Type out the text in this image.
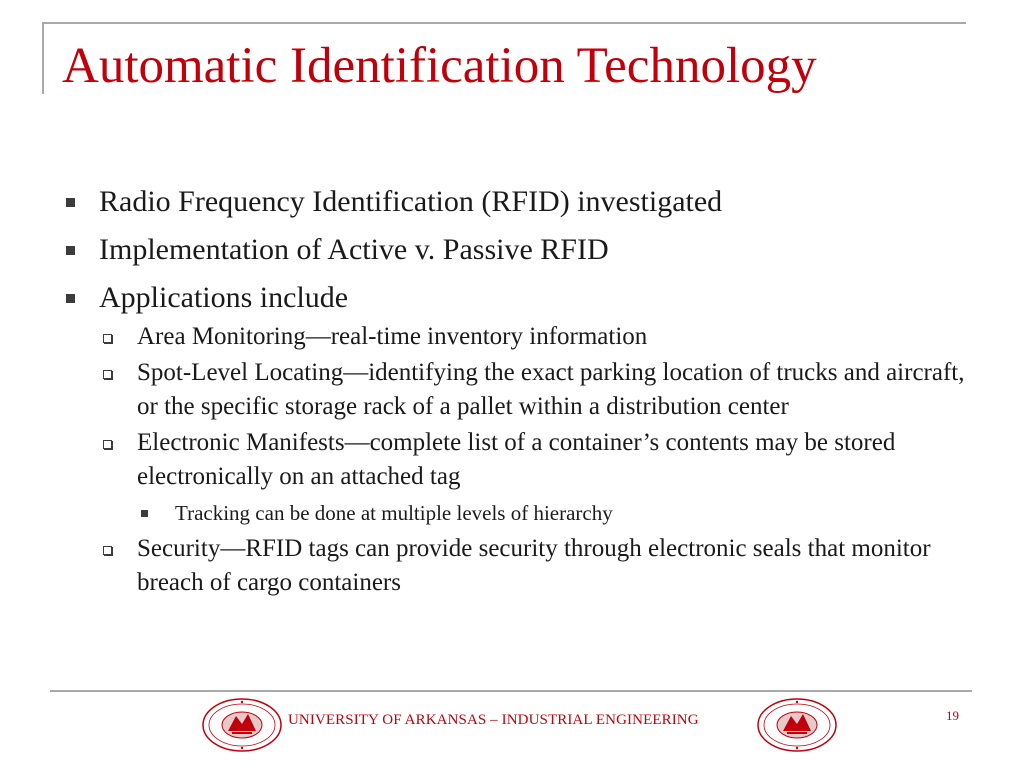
Automatic Identification Technology
Radio Frequency Identification (RFID) investigated
Implementation of Active v. Passive RFID
Applications include
Area Monitoring—real-time inventory information
Spot-Level Locating—identifying the exact parking location of trucks and aircraft, or the specific storage rack of a pallet within a distribution center
Electronic Manifests—complete list of a container’s contents may be stored electronically on an attached tag
Tracking can be done at multiple levels of hierarchy
Security—RFID tags can provide security through electronic seals that monitor breach of cargo containers
UNIVERSITY OF ARKANSAS – INDUSTRIAL ENGINEERING	19
